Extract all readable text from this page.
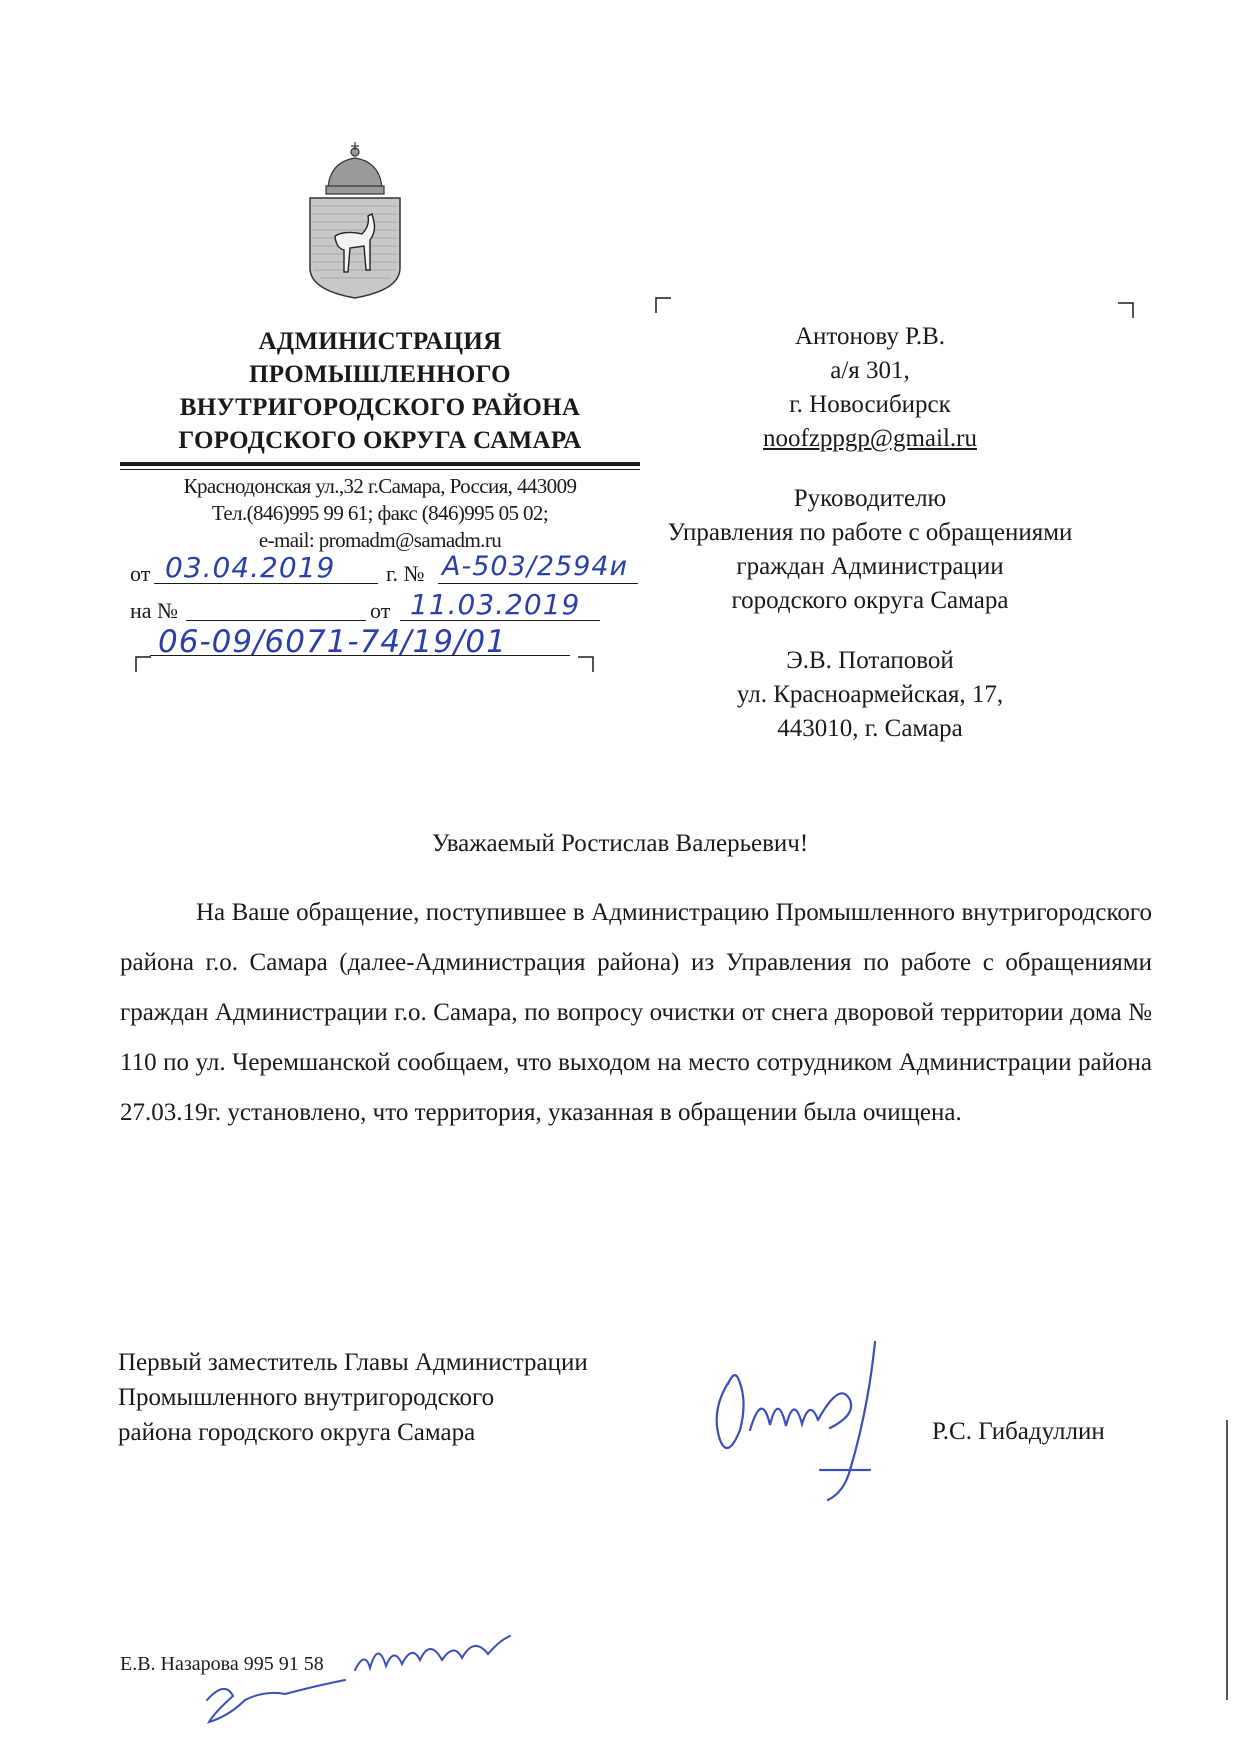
АДМИНИСТРАЦИЯ
ПРОМЫШЛЕННОГО
ВНУТРИГОРОДСКОГО РАЙОНА
ГОРОДСКОГО ОКРУГА САМАРА
Краснодонская ул.,32 г.Самара, Россия, 443009
Тел.(846)995 99 61; факс (846)995 05 02;
e-mail: promadm@samadm.ru
от 03.04.2019 г. № А-503/2594и
на №	от 11.03.2019
06-09/6071-74/19/01
Антонову Р.В.
а/я 301,
г. Новосибирск
noofzppgp@gmail.ru
Руководителю
Управления по работе с обращениями
граждан Администрации
городского округа Самара
Э.В. Потаповой
ул. Красноармейская, 17,
443010, г. Самара
Уважаемый Ростислав Валерьевич!
На Ваше обращение, поступившее в Администрацию Промышленного внутригородского района г.о. Самара (далее-Администрация района) из Управления по работе с обращениями граждан Администрации г.о. Самара, по вопросу очистки от снега дворовой территории дома № 110 по ул. Черемшанской сообщаем, что выходом на место сотрудником Администрации района 27.03.19г. установлено, что территория, указанная в обращении была очищена.
Первый заместитель Главы Администрации
Промышленного внутригородского
района городского округа Самара	Р.С. Гибадуллин
Е.В. Назарова 995 91 58
